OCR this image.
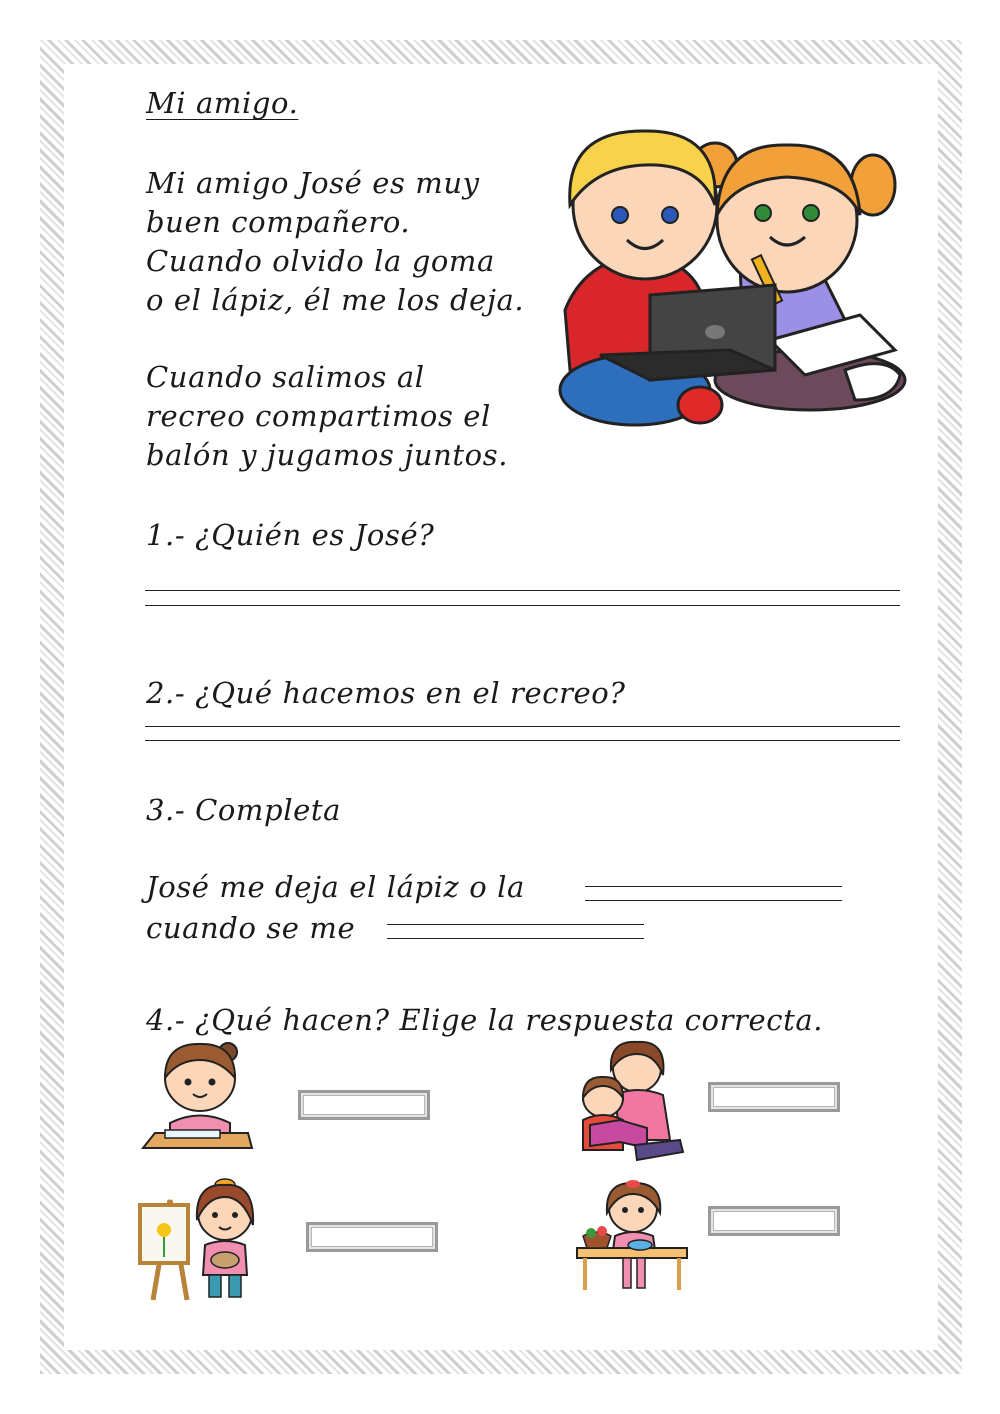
Mi amigo.
Mi amigo José es muy
buen compañero.
Cuando olvido la goma
o el lápiz, él me los deja.
Cuando salimos al
recreo compartimos el
balón y jugamos juntos.
1.- ¿Quién es José?
2.- ¿Qué hacemos en el recreo?
3.- Completa
José me deja el lápiz o la
cuando se me
4.- ¿Qué hacen? Elige la respuesta correcta.
